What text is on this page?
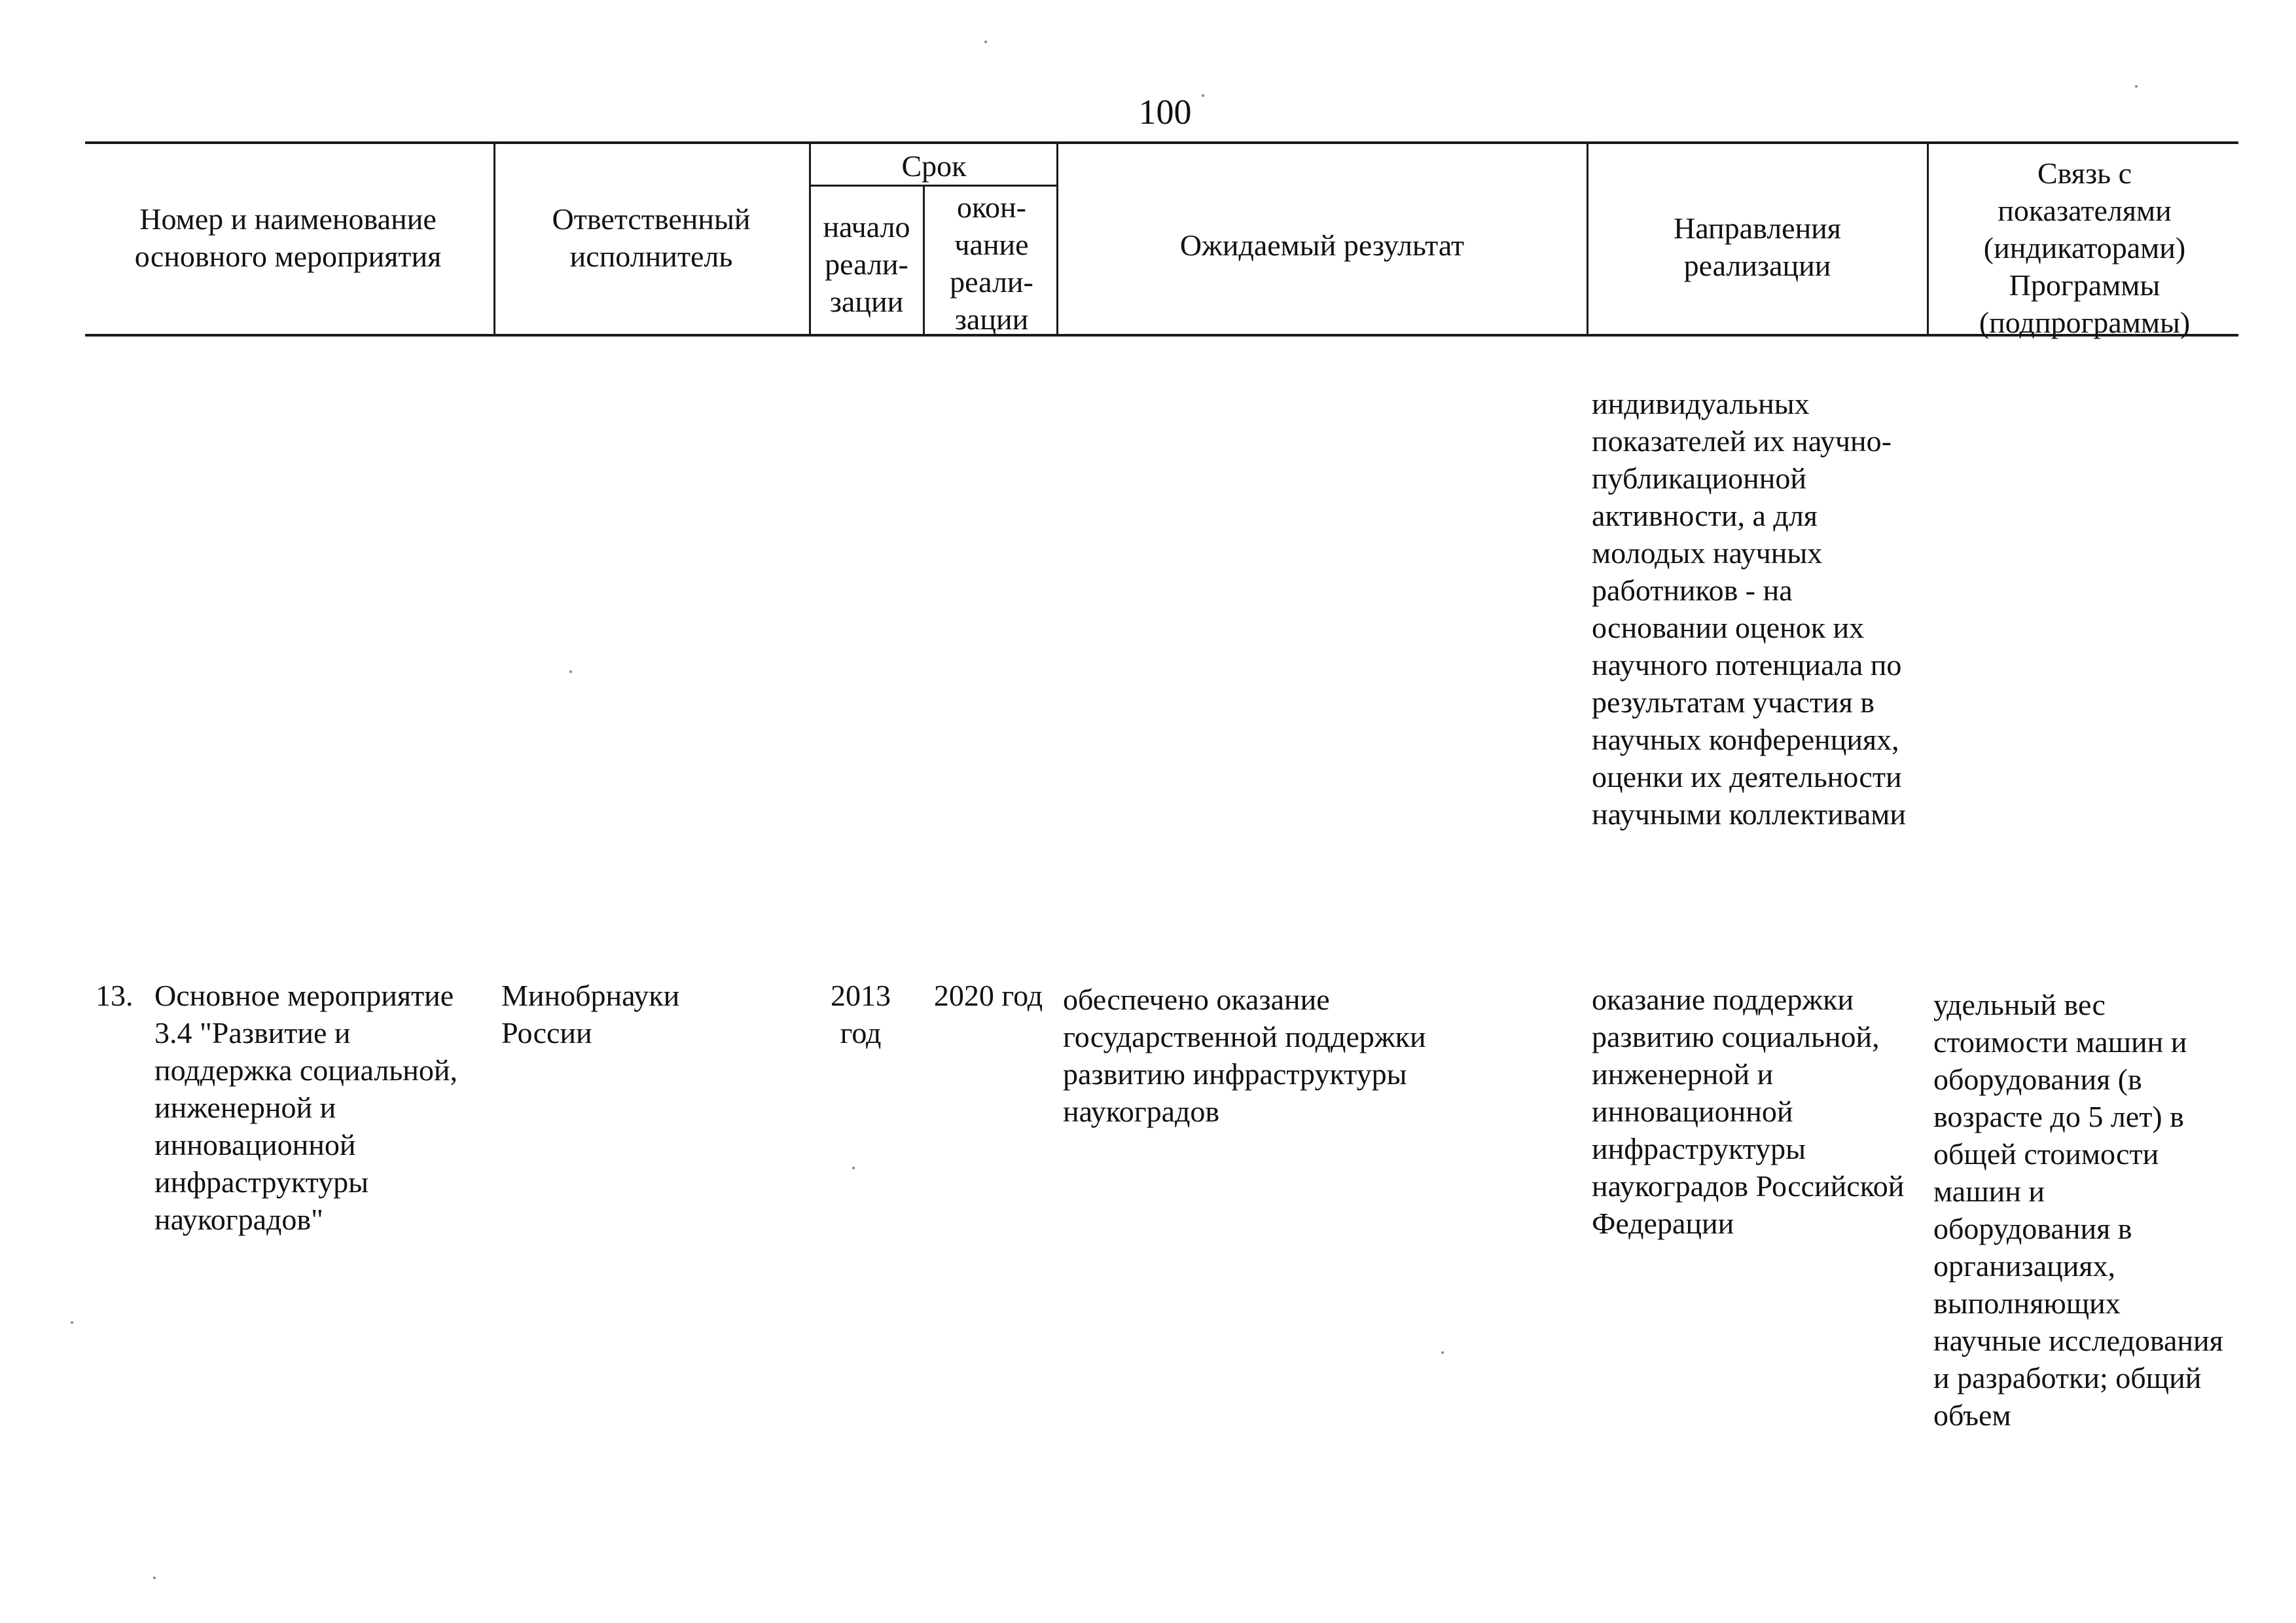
100
Номер и наименование основного мероприятия
Ответственный исполнитель
Срок
начало реали-зации
окон-чание реали-зации
Ожидаемый результат
Направления реализации
Связь с показателями (индикаторами) Программы (подпрограммы)
индивидуальных показателей их научно-публикационной активности, а для молодых научных работников - на основании оценок их научного потенциала по результатам участия в научных конференциях, оценки их деятельности научными коллективами
13. Основное мероприятие 3.4 "Развитие и поддержка социальной, инженерной и инновационной инфраструктуры наукоградов"
Минобрнауки России
2013 год
2020 год обеспечено оказание государственной поддержки развитию инфраструктуры наукоградов
оказание поддержки развитию социальной, инженерной и инновационной инфраструктуры наукоградов Российской Федерации
удельный вес стоимости машин и оборудования (в возрасте до 5 лет) в общей стоимости машин и оборудования в организациях, выполняющих научные исследования и разработки; общий объем
